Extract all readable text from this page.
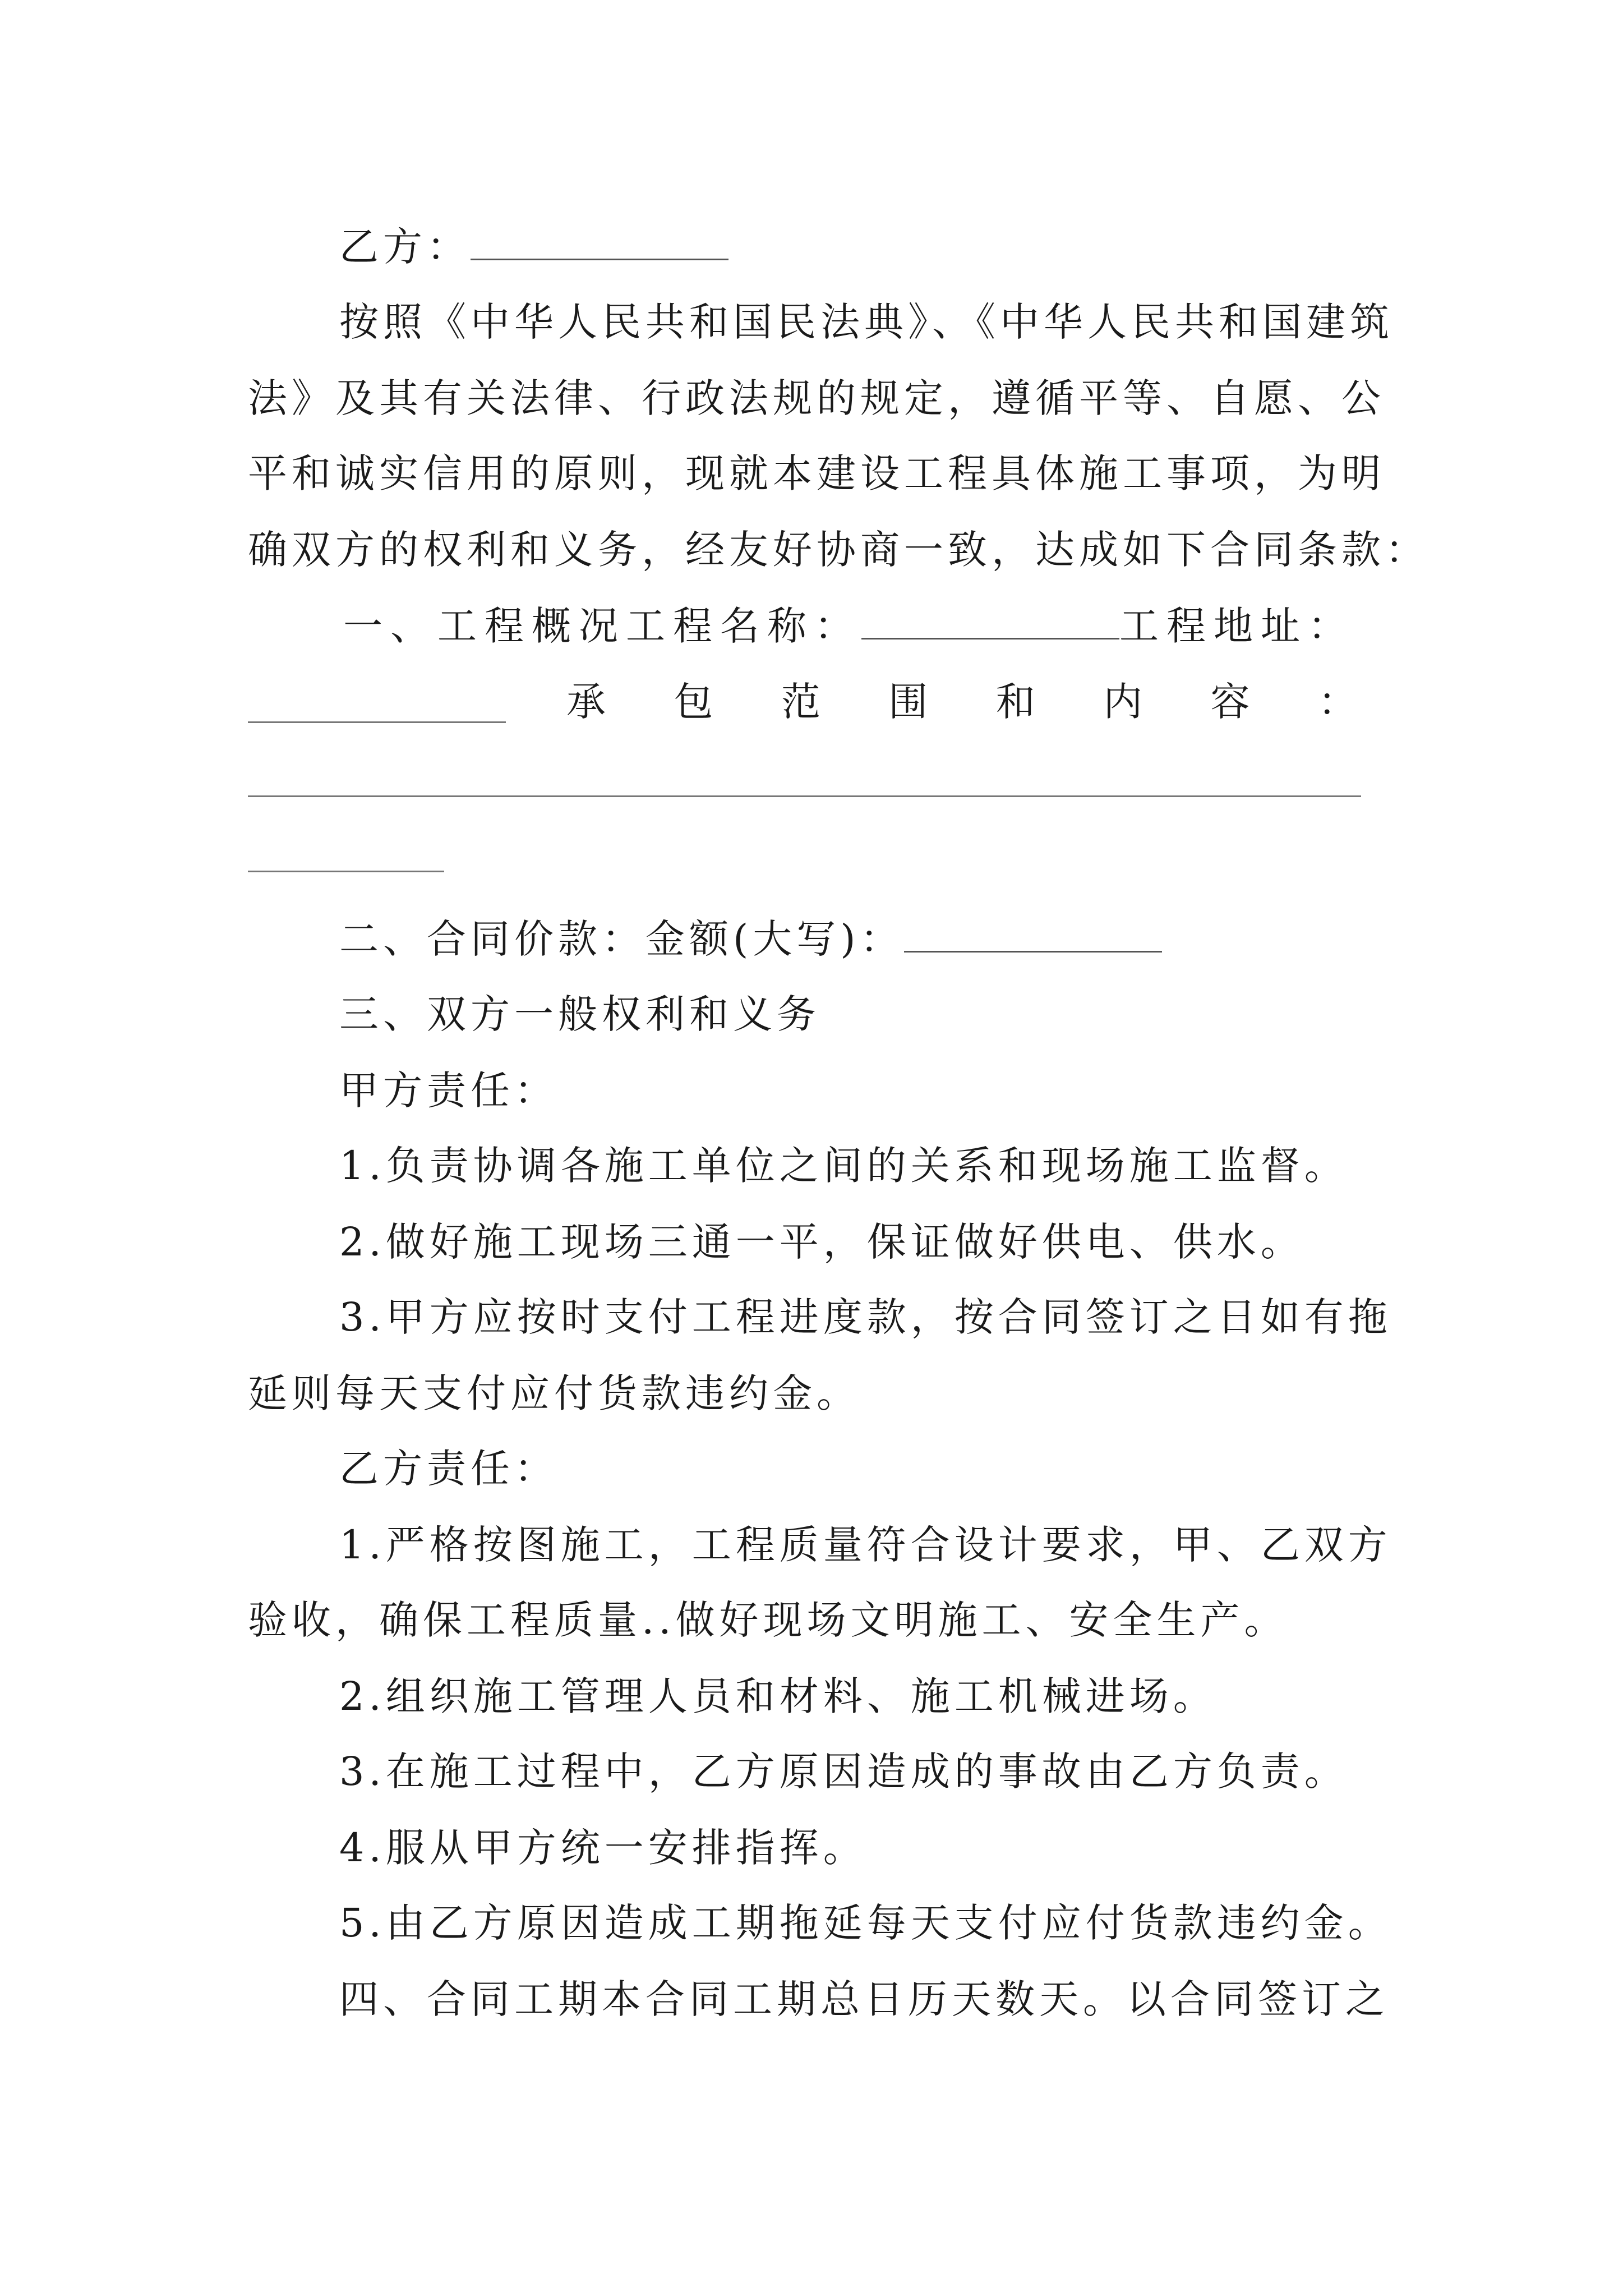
乙方：
按照《中华人民共和国民法典》、《中华人民共和国建筑
法》及其有关法律、行政法规的规定，遵循平等、自愿、公
平和诚实信用的原则，现就本建设工程具体施工事项，为明
确双方的权利和义务，经友好协商一致，达成如下合同条款：
一、工程概况工程名称：	工程地址：
承 包 范 围 和 内 容 ：
二、合同价款：金额(大写)：
三、双方一般权利和义务
甲方责任：
1.负责协调各施工单位之间的关系和现场施工监督。
2.做好施工现场三通一平，保证做好供电、供水。
3.甲方应按时支付工程进度款，按合同签订之日如有拖
延则每天支付应付货款违约金。
乙方责任：
1.严格按图施工，工程质量符合设计要求，甲、乙双方
验收，确保工程质量..做好现场文明施工、安全生产。
2.组织施工管理人员和材料、施工机械进场。
3.在施工过程中，乙方原因造成的事故由乙方负责。
4.服从甲方统一安排指挥。
5.由乙方原因造成工期拖延每天支付应付货款违约金。
四、合同工期本合同工期总日历天数天。以合同签订之
